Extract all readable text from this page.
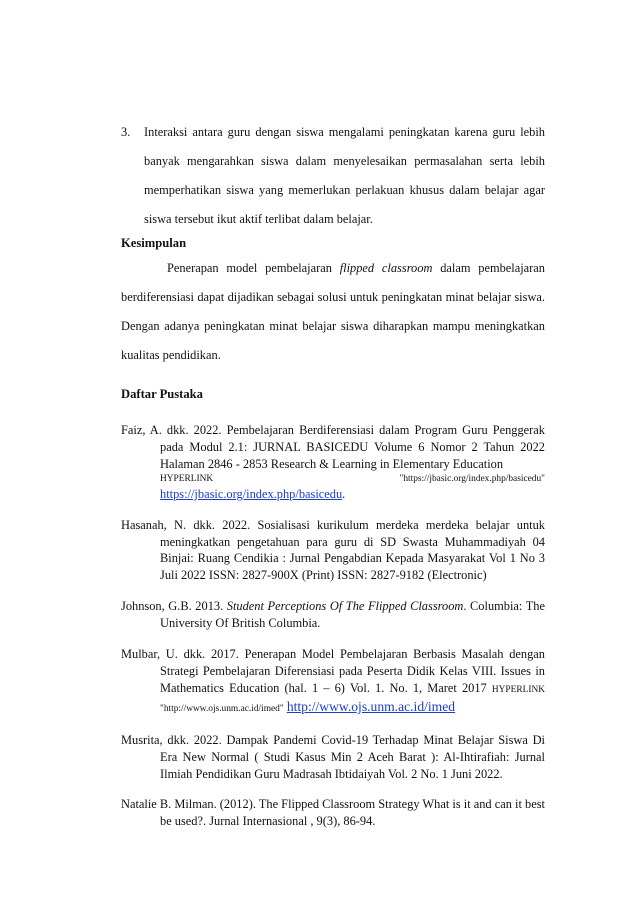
3. Interaksi antara guru dengan siswa mengalami peningkatan karena guru lebih banyak mengarahkan siswa dalam menyelesaikan permasalahan serta lebih memperhatikan siswa yang memerlukan perlakuan khusus dalam belajar agar siswa tersebut ikut aktif terlibat dalam belajar.
Kesimpulan
Penerapan model pembelajaran flipped classroom dalam pembelajaran berdiferensiasi dapat dijadikan sebagai solusi untuk peningkatan minat belajar siswa. Dengan adanya peningkatan minat belajar siswa diharapkan mampu meningkatkan kualitas pendidikan.
Daftar Pustaka
Faiz, A. dkk. 2022. Pembelajaran Berdiferensiasi dalam Program Guru Penggerak pada Modul 2.1: JURNAL BASICEDU Volume 6 Nomor 2 Tahun 2022 Halaman 2846 - 2853 Research & Learning in Elementary Education
HYPERLINK	"https://jbasic.org/index.php/basicedu"
https://jbasic.org/index.php/basicedu.
Hasanah, N. dkk. 2022. Sosialisasi kurikulum merdeka merdeka belajar untuk meningkatkan pengetahuan para guru di SD Swasta Muhammadiyah 04 Binjai: Ruang Cendikia : Jurnal Pengabdian Kepada Masyarakat Vol 1 No 3 Juli 2022 ISSN: 2827-900X (Print) ISSN: 2827-9182 (Electronic)
Johnson, G.B. 2013. Student Perceptions Of The Flipped Classroom. Columbia: The University Of British Columbia.
Mulbar, U. dkk. 2017. Penerapan Model Pembelajaran Berbasis Masalah dengan Strategi Pembelajaran Diferensiasi pada Peserta Didik Kelas VIII. Issues in Mathematics Education (hal. 1 – 6) Vol. 1. No. 1, Maret 2017 HYPERLINK "http://www.ojs.unm.ac.id/imed" http://www.ojs.unm.ac.id/imed
Musrita, dkk. 2022. Dampak Pandemi Covid-19 Terhadap Minat Belajar Siswa Di Era New Normal ( Studi Kasus Min 2 Aceh Barat ): Al-Ihtirafiah: Jurnal Ilmiah Pendidikan Guru Madrasah Ibtidaiyah Vol. 2 No. 1 Juni 2022.
Natalie B. Milman. (2012). The Flipped Classroom Strategy What is it and can it best be used?. Jurnal Internasional , 9(3), 86-94.
